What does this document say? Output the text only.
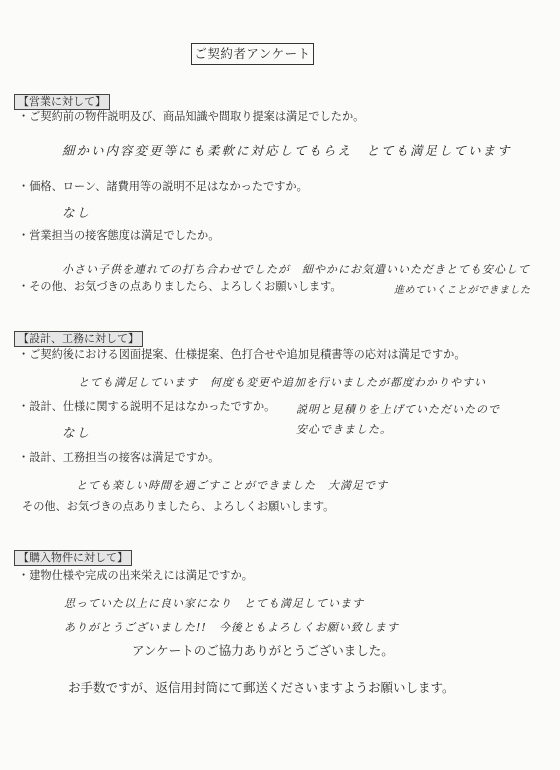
ご契約者アンケート
【営業に対して】
・ご契約前の物件説明及び、商品知識や間取り提案は満足でしたか。
細かい内容変更等にも柔軟に対応してもらえ　とても満足しています
・価格、ローン、諸費用等の説明不足はなかったですか。
なし
・営業担当の接客態度は満足でしたか。
小さい子供を連れての打ち合わせでしたが　細やかにお気遣いいただきとても安心して
進めていくことができました
・その他、お気づきの点ありましたら、よろしくお願いします。
【設計、工務に対して】
・ご契約後における図面提案、仕様提案、色打合せや追加見積書等の応対は満足ですか。
とても満足しています　何度も変更や追加を行いましたが都度わかりやすい
・設計、仕様に関する説明不足はなかったですか。 説明と見積りを上げていただいたので
安心できました。
なし
・設計、工務担当の接客は満足ですか。
とても楽しい時間を過ごすことができました　大満足です
その他、お気づきの点ありましたら、よろしくお願いします。
【購入物件に対して】
・建物仕様や完成の出来栄えには満足ですか。
思っていた以上に良い家になり　とても満足しています
ありがとうございました!!　今後ともよろしくお願い致します
アンケートのご協力ありがとうございました。
お手数ですが、返信用封筒にて郵送くださいますようお願いします。
